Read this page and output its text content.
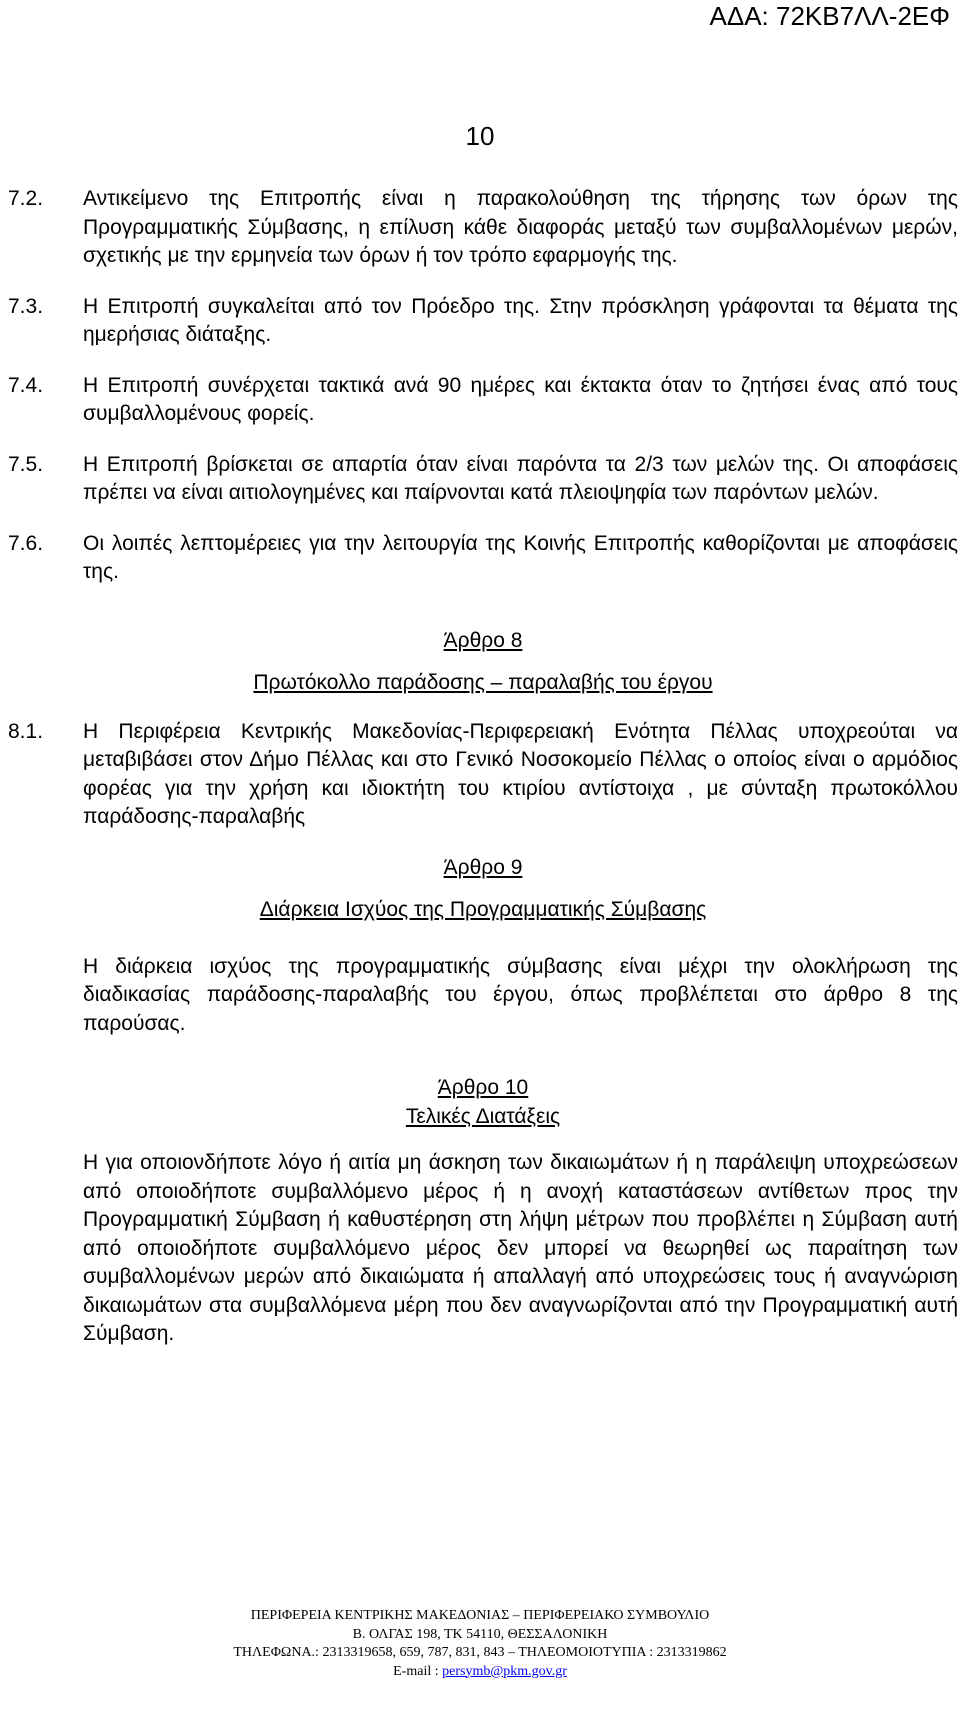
ΑΔΑ: 72ΚΒ7ΛΛ-2ΕΦ
10
7.2.	Αντικείμενο της Επιτροπής είναι η παρακολούθηση της τήρησης των όρων της Προγραμματικής Σύμβασης, η επίλυση κάθε διαφοράς μεταξύ των συμβαλλομένων μερών, σχετικής με την ερμηνεία των όρων ή τον τρόπο εφαρμογής της.
7.3.	Η Επιτροπή συγκαλείται από τον Πρόεδρο της. Στην πρόσκληση γράφονται τα θέματα της ημερήσιας διάταξης.
7.4.	Η Επιτροπή συνέρχεται τακτικά ανά 90 ημέρες και έκτακτα όταν το ζητήσει ένας από τους συμβαλλομένους φορείς.
7.5.	Η Επιτροπή βρίσκεται σε απαρτία όταν είναι παρόντα τα 2/3 των μελών της. Οι αποφάσεις πρέπει να είναι αιτιολογημένες και παίρνονται κατά πλειοψηφία των παρόντων μελών.
7.6.	Οι λοιπές λεπτομέρειες για την λειτουργία της Κοινής Επιτροπής καθορίζονται με αποφάσεις της.

Άρθρο 8

Πρωτόκολλο παράδοσης – παραλαβής του έργου

8.1.	Η Περιφέρεια Κεντρικής Μακεδονίας-Περιφερειακή Ενότητα Πέλλας υποχρεούται να μεταβιβάσει στον Δήμο Πέλλας και στο Γενικό Νοσοκομείο Πέλλας ο οποίος είναι ο αρμόδιος φορέας για την χρήση και ιδιοκτήτη του κτιρίου αντίστοιχα , με σύνταξη πρωτοκόλλου παράδοσης-παραλαβής

Άρθρο 9

Διάρκεια Ισχύος της Προγραμματικής Σύμβασης

Η διάρκεια ισχύος της προγραμματικής σύμβασης είναι μέχρι την ολοκλήρωση της διαδικασίας παράδοσης-παραλαβής του έργου, όπως προβλέπεται στο άρθρο 8 της παρούσας.

Άρθρο 10

Τελικές Διατάξεις

Η για οποιονδήποτε λόγο ή αιτία μη άσκηση των δικαιωμάτων ή η παράλειψη υποχρεώσεων από οποιοδήποτε συμβαλλόμενο μέρος ή η ανοχή καταστάσεων αντίθετων προς την Προγραμματική Σύμβαση ή καθυστέρηση στη λήψη μέτρων που προβλέπει η Σύμβαση αυτή από οποιοδήποτε συμβαλλόμενο μέρος δεν μπορεί να θεωρηθεί ως παραίτηση των συμβαλλομένων μερών από δικαιώματα ή απαλλαγή από υποχρεώσεις τους ή αναγνώριση δικαιωμάτων στα συμβαλλόμενα μέρη που δεν αναγνωρίζονται από την Προγραμματική αυτή Σύμβαση.
ΠΕΡΙΦΕΡΕΙΑ ΚΕΝΤΡΙΚΗΣ ΜΑΚΕΔΟΝΙΑΣ – ΠΕΡΙΦΕΡΕΙΑΚΟ ΣΥΜΒΟΥΛΙΟ
Β. ΟΛΓΑΣ 198, ΤΚ 54110, ΘΕΣΣΑΛΟΝΙΚΗ
ΤΗΛΕΦΩΝΑ.: 2313319658, 659, 787, 831, 843 – ΤΗΛΕΟΜΟΙΟΤΥΠΙΑ : 2313319862
E-mail : persymb@pkm.gov.gr
